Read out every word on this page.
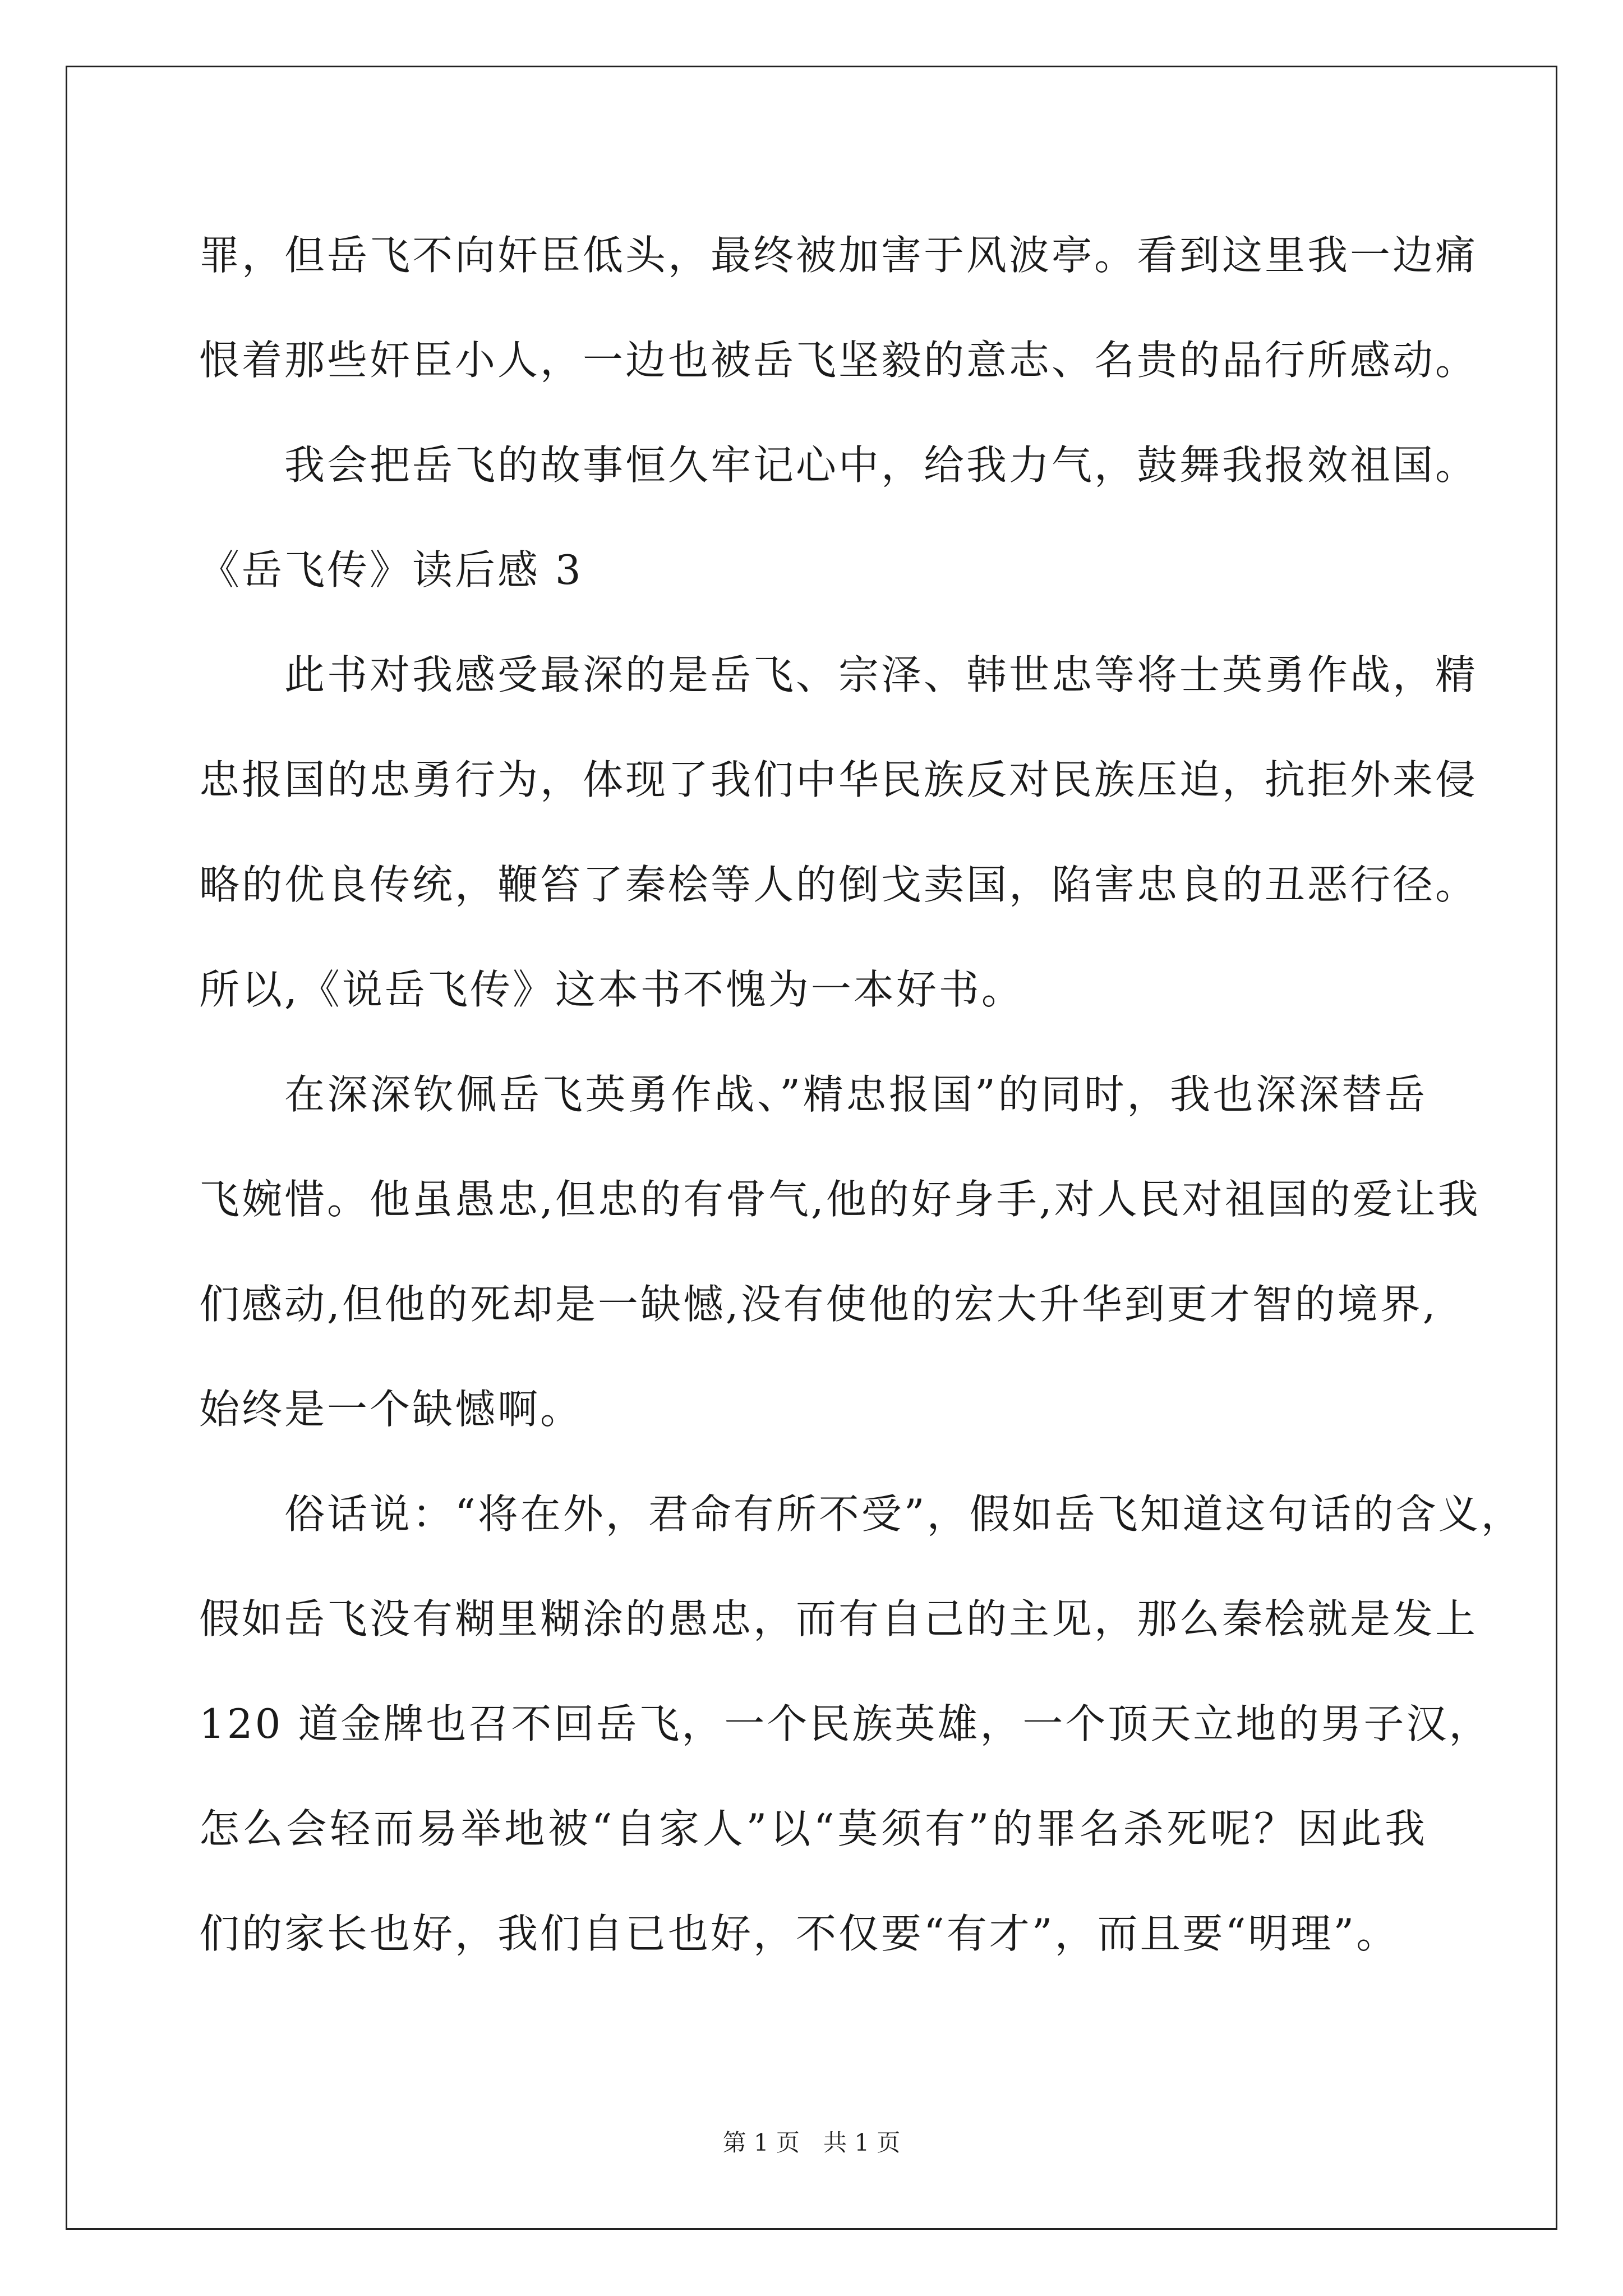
罪，但岳飞不向奸臣低头，最终被加害于风波亭。看到这里我一边痛
恨着那些奸臣小人，一边也被岳飞坚毅的意志、名贵的品行所感动。
我会把岳飞的故事恒久牢记心中，给我力气，鼓舞我报效祖国。
《岳飞传》读后感 3
此书对我感受最深的是岳飞、宗泽、韩世忠等将士英勇作战，精
忠报国的忠勇行为，体现了我们中华民族反对民族压迫，抗拒外来侵
略的优良传统，鞭笞了秦桧等人的倒戈卖国，陷害忠良的丑恶行径。
所以,《说岳飞传》这本书不愧为一本好书。
在深深钦佩岳飞英勇作战、”精忠报国”的同时，我也深深替岳
飞婉惜。他虽愚忠,但忠的有骨气,他的好身手,对人民对祖国的爱让我
们感动,但他的死却是一缺憾,没有使他的宏大升华到更才智的境界,
始终是一个缺憾啊。
俗话说：“将在外，君命有所不受”，假如岳飞知道这句话的含义，
假如岳飞没有糊里糊涂的愚忠，而有自己的主见，那么秦桧就是发上
120 道金牌也召不回岳飞，一个民族英雄，一个顶天立地的男子汉，
怎么会轻而易举地被“自家人”以“莫须有”的罪名杀死呢？因此我
们的家长也好，我们自已也好，不仅要“有才”，而且要“明理”。
第 1 页　共 1 页
